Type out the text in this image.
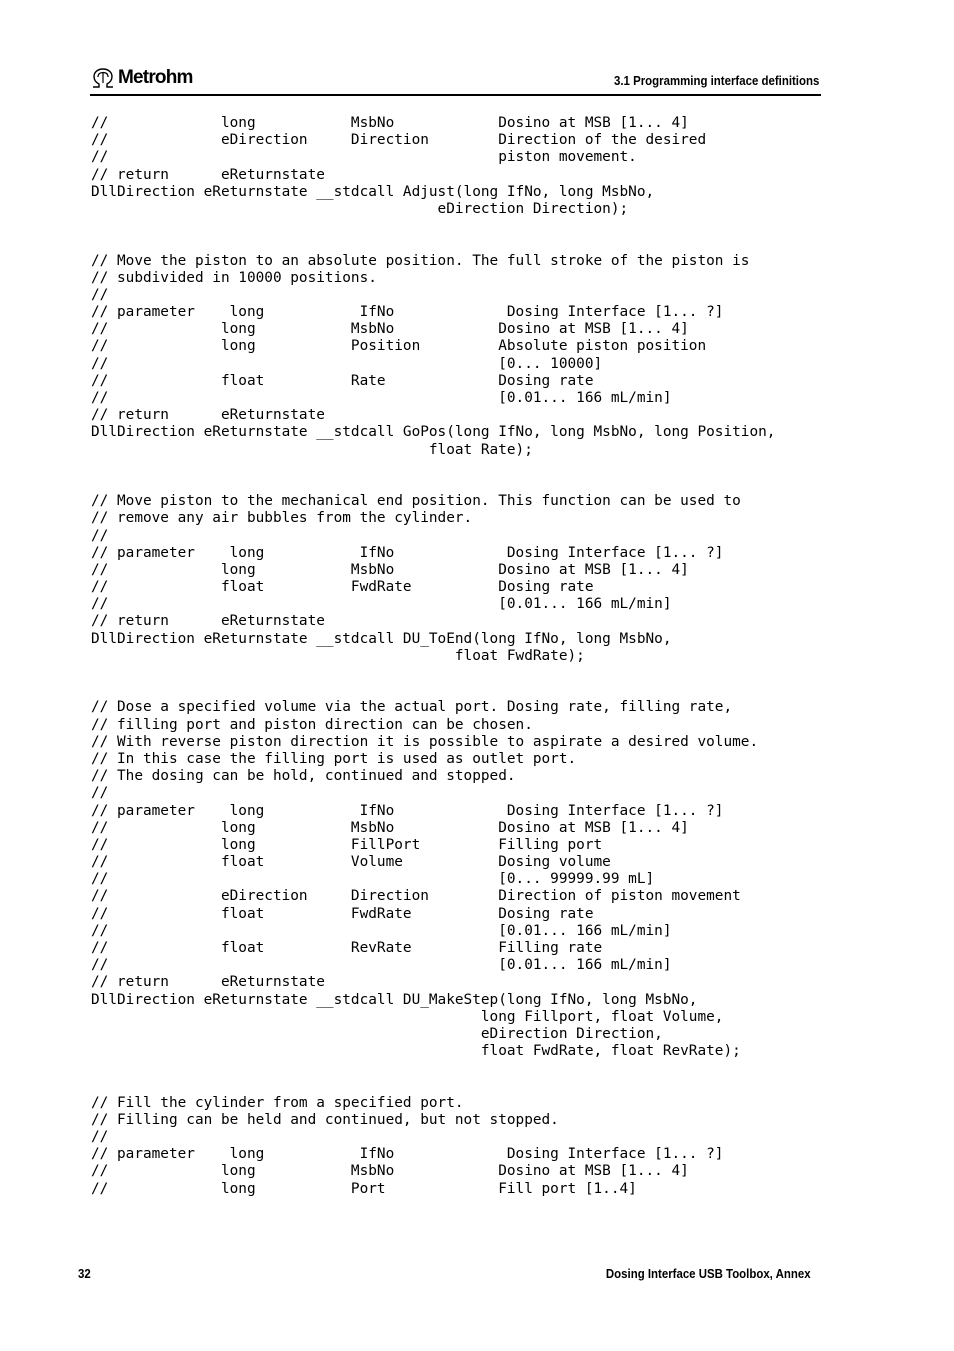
Metrohm	3.1 Programming interface definitions
//             long           MsbNo            Dosino at MSB [1... 4]
//             eDirection     Direction        Direction of the desired
//                                             piston movement.
// return      eReturnstate
DllDirection eReturnstate __stdcall Adjust(long IfNo, long MsbNo,
eDirection Direction);
// Move the piston to an absolute position. The full stroke of the piston is
// subdivided in 10000 positions.
//
// parameter    long           IfNo             Dosing Interface [1... ?]
//             long           MsbNo            Dosino at MSB [1... 4]
//             long           Position         Absolute piston position
//                                             [0... 10000]
//             float          Rate             Dosing rate
//                                             [0.01... 166 mL/min]
// return      eReturnstate
DllDirection eReturnstate __stdcall GoPos(long IfNo, long MsbNo, long Position,
float Rate);
// Move piston to the mechanical end position. This function can be used to
// remove any air bubbles from the cylinder.
//
// parameter    long           IfNo             Dosing Interface [1... ?]
//             long           MsbNo            Dosino at MSB [1... 4]
//             float          FwdRate          Dosing rate
//                                             [0.01... 166 mL/min]
// return      eReturnstate
DllDirection eReturnstate __stdcall DU_ToEnd(long IfNo, long MsbNo,
float FwdRate);
// Dose a specified volume via the actual port. Dosing rate, filling rate,
// filling port and piston direction can be chosen.
// With reverse piston direction it is possible to aspirate a desired volume.
// In this case the filling port is used as outlet port.
// The dosing can be hold, continued and stopped.
//
// parameter    long           IfNo             Dosing Interface [1... ?]
//             long           MsbNo            Dosino at MSB [1... 4]
//             long           FillPort         Filling port
//             float          Volume           Dosing volume
//                                             [0... 99999.99 mL]
//             eDirection     Direction        Direction of piston movement
//             float          FwdRate          Dosing rate
//                                             [0.01... 166 mL/min]
//             float          RevRate          Filling rate
//                                             [0.01... 166 mL/min]
// return      eReturnstate
DllDirection eReturnstate __stdcall DU_MakeStep(long IfNo, long MsbNo,
long Fillport, float Volume,
eDirection Direction,
float FwdRate, float RevRate);
// Fill the cylinder from a specified port.
// Filling can be held and continued, but not stopped.
//
// parameter    long           IfNo             Dosing Interface [1... ?]
//             long           MsbNo            Dosino at MSB [1... 4]
//             long           Port             Fill port [1..4]
32	Dosing Interface USB Toolbox, Annex
